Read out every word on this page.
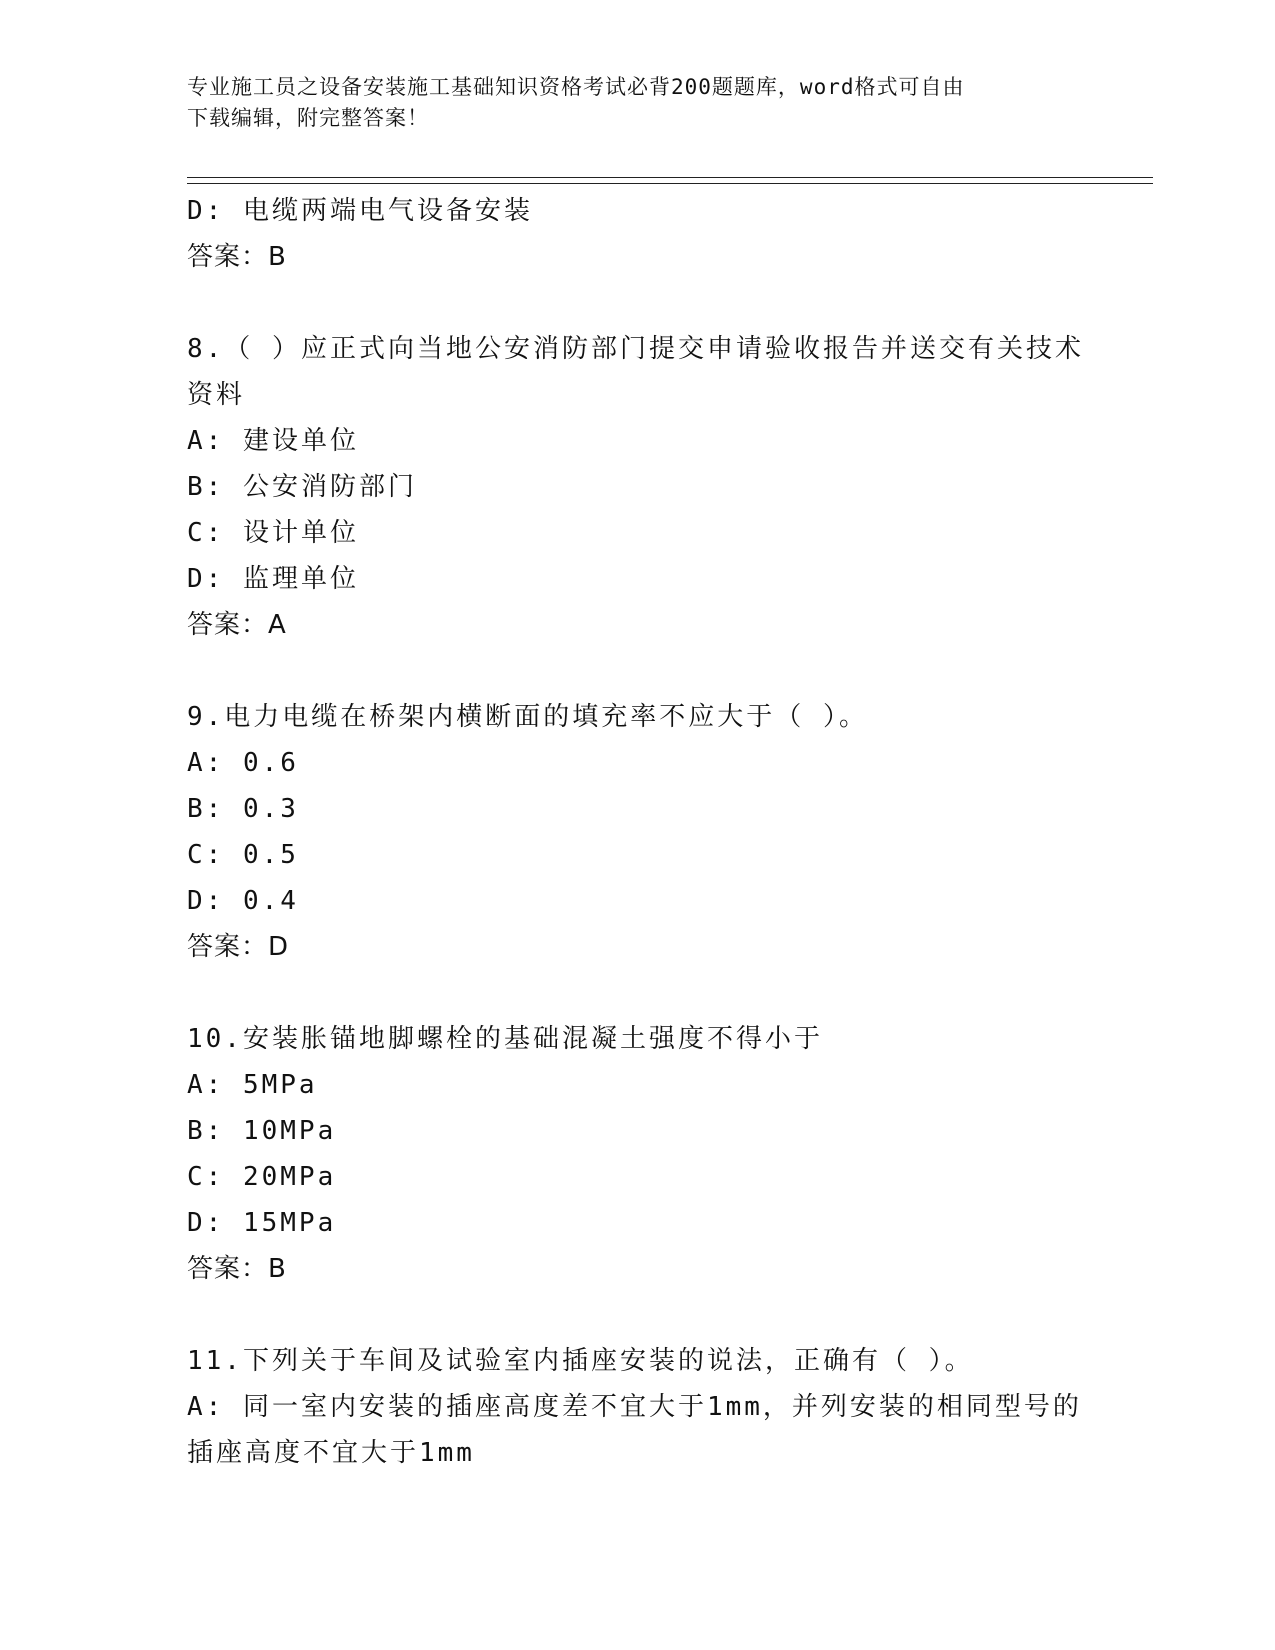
专业施工员之设备安装施工基础知识资格考试必背200题题库，word格式可自由
下载编辑，附完整答案！
D: 电缆两端电气设备安装
答案：B
8.（ ）应正式向当地公安消防部门提交申请验收报告并送交有关技术
资料
A: 建设单位
B: 公安消防部门
C: 设计单位
D: 监理单位
答案：A
9.电力电缆在桥架内横断面的填充率不应大于（ ）。
A: 0.6
B: 0.3
C: 0.5
D: 0.4
答案：D
10.安装胀锚地脚螺栓的基础混凝土强度不得小于
A: 5MPa
B: 10MPa
C: 20MPa
D: 15MPa
答案：B
11.下列关于车间及试验室内插座安装的说法，正确有（ ）。
A: 同一室内安装的插座高度差不宜大于1mm，并列安装的相同型号的
插座高度不宜大于1mm
